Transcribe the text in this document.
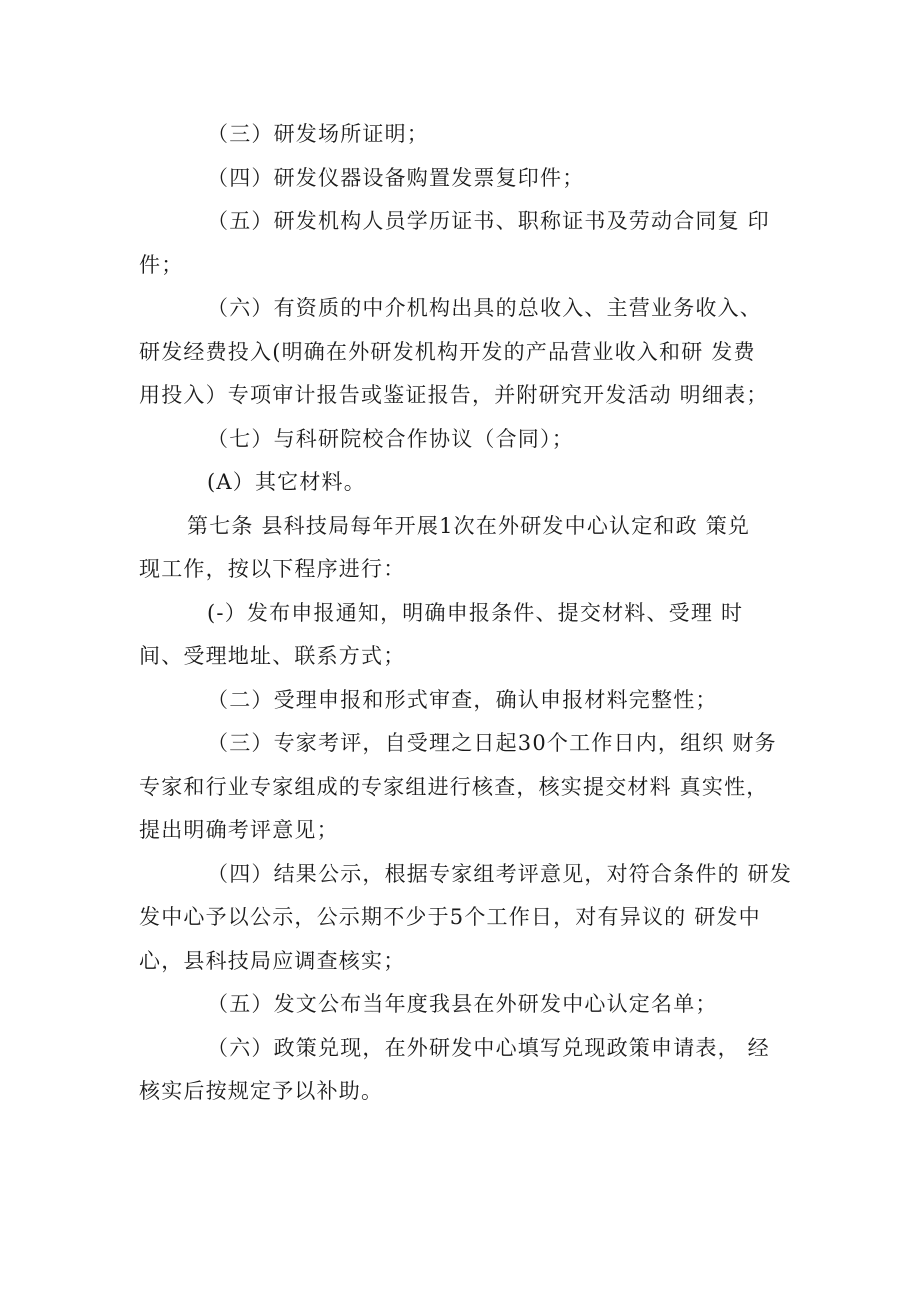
（三）研发场所证明；
（四）研发仪器设备购置发票复印件；
（五）研发机构人员学历证书、职称证书及劳动合同复 印
件；
（六）有资质的中介机构出具的总收入、主营业务收入、
研发经费投入(明确在外研发机构开发的产品营业收入和研 发费
用投入）专项审计报告或鉴证报告，并附研究开发活动 明细表；
（七）与科研院校合作协议（合同）；
(A）其它材料。
第七条 县科技局每年开展1次在外研发中心认定和政 策兑
现工作，按以下程序进行：
(-）发布申报通知，明确申报条件、提交材料、受理 时
间、受理地址、联系方式；
（二）受理申报和形式审查，确认申报材料完整性；
（三）专家考评，自受理之日起30个工作日内，组织 财务
专家和行业专家组成的专家组进行核查，核实提交材料 真实性，
提出明确考评意见；
（四）结果公示，根据专家组考评意见，对符合条件的 研发
发中心予以公示，公示期不少于5个工作日，对有异议的 研发中
心，县科技局应调查核实；
（五）发文公布当年度我县在外研发中心认定名单；
（六）政策兑现，在外研发中心填写兑现政策申请表， 经
核实后按规定予以补助。
